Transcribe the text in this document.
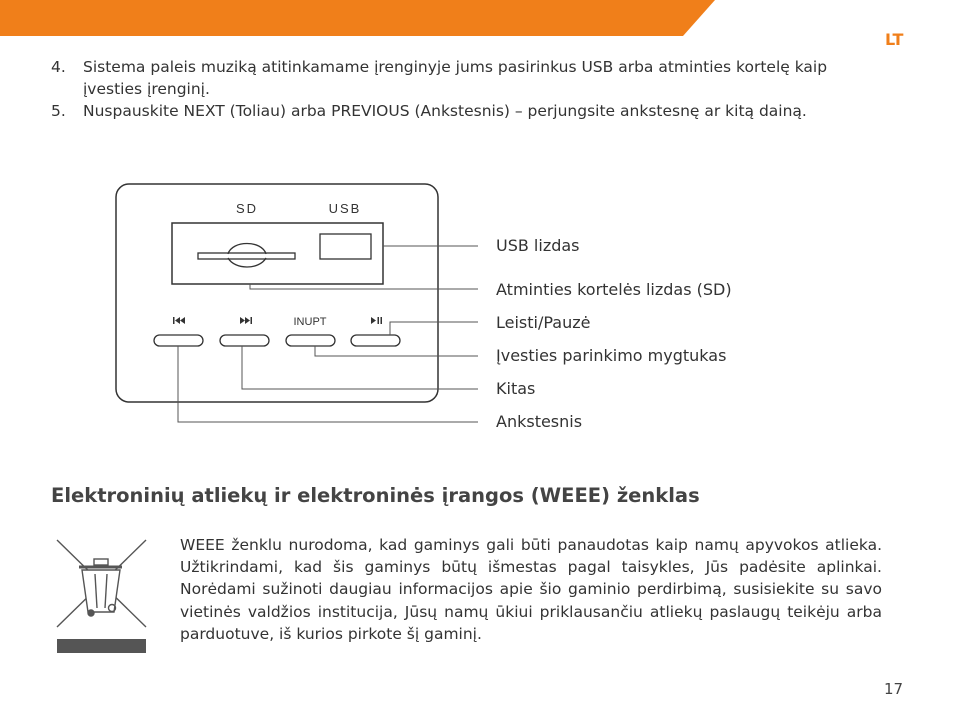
LT
4.	Sistema paleis muziką atitinkamame įrenginyje jums pasirinkus USB arba atminties kortelę kaip įvesties įrenginį.
5.	Nuspauskite NEXT (Toliau) arba PREVIOUS (Ankstesnis) – perjungsite ankstesnę ar kitą dainą.
SD	USB
INUPT
USB lizdas
Atminties kortelės lizdas (SD)
Leisti/Pauzė
Įvesties parinkimo mygtukas
Kitas
Ankstesnis
Elektroninių atliekų ir elektroninės įrangos (WEEE) ženklas
WEEE ženklu nurodoma, kad gaminys gali būti panaudotas kaip namų apyvokos atlieka. Užtikrindami, kad šis gaminys būtų išmestas pagal taisykles, Jūs padėsite aplinkai. Norėdami sužinoti daugiau informacijos apie šio gaminio perdirbimą, susisiekite su savo vietinės valdžios institucija, Jūsų namų ūkiui priklausančiu atliekų paslaugų teikėju arba parduotuve, iš kurios pirkote šį gaminį.
17
